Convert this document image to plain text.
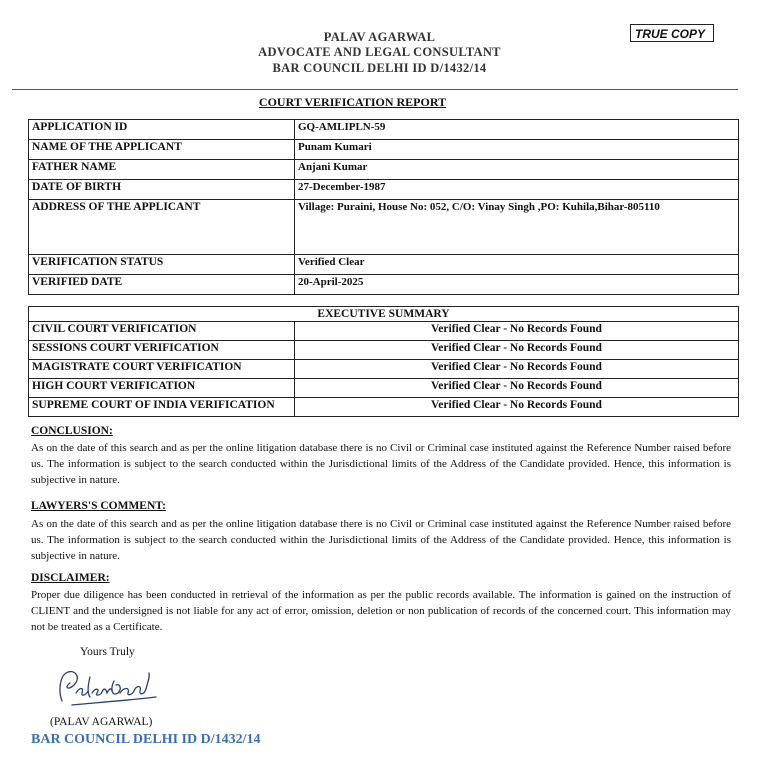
PALAV AGARWAL
ADVOCATE AND LEGAL CONSULTANT
BAR COUNCIL DELHI ID D/1432/14
TRUE COPY
COURT VERIFICATION REPORT
APPLICATION ID	GQ-AMLIPLN-59
NAME OF THE APPLICANT	Punam Kumari
FATHER NAME	Anjani Kumar
DATE OF BIRTH	27-December-1987
ADDRESS OF THE APPLICANT	Village: Puraini, House No: 052, C/O: Vinay Singh ,PO: Kuhila,Bihar-805110
VERIFICATION STATUS	Verified Clear
VERIFIED DATE	20-April-2025
EXECUTIVE SUMMARY	
CIVIL COURT VERIFICATION	Verified Clear - No Records Found
SESSIONS COURT VERIFICATION	Verified Clear - No Records Found
MAGISTRATE COURT VERIFICATION	Verified Clear - No Records Found
HIGH COURT VERIFICATION	Verified Clear - No Records Found
SUPREME COURT OF INDIA VERIFICATION	Verified Clear - No Records Found
CONCLUSION:
As on the date of this search and as per the online litigation database there is no Civil or Criminal case instituted against the Reference Number raised before us. The information is subject to the search conducted within the Jurisdictional limits of the Address of the Candidate provided. Hence, this information is subjective in nature.
LAWYERS'S COMMENT:
As on the date of this search and as per the online litigation database there is no Civil or Criminal case instituted against the Reference Number raised before us. The information is subject to the search conducted within the Jurisdictional limits of the Address of the Candidate provided. Hence, this information is subjective in nature.
DISCLAIMER:
Proper due diligence has been conducted in retrieval of the information as per the public records available. The information is gained on the instruction of CLIENT and the undersigned is not liable for any act of error, omission, deletion or non publication of records of the concerned court. This information may not be treated as a Certificate.
Yours Truly
(PALAV AGARWAL)
BAR COUNCIL DELHI ID D/1432/14
